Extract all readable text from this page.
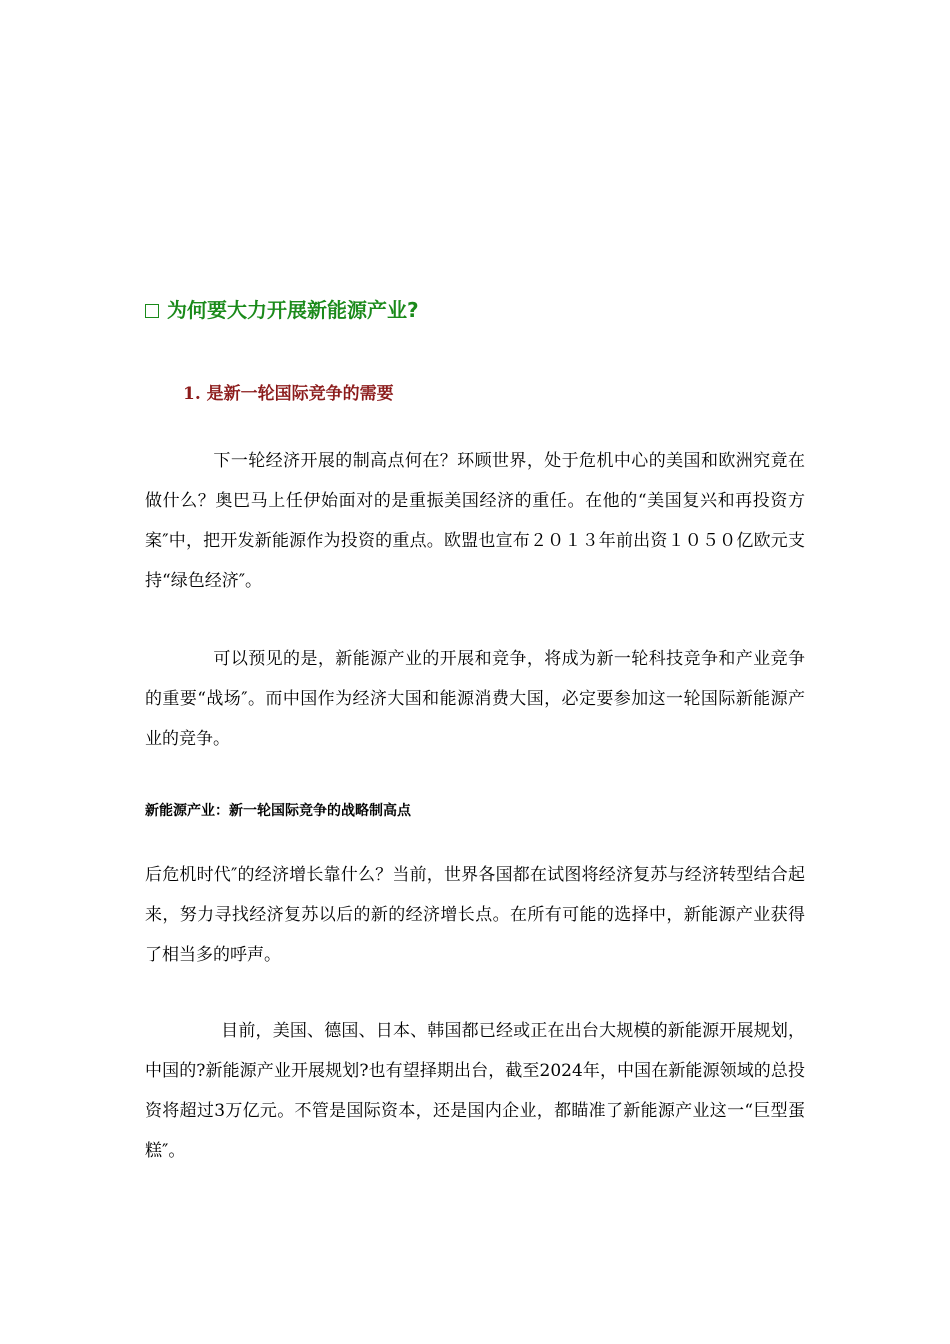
为何要大力开展新能源产业?
1. 是新一轮国际竞争的需要
下一轮经济开展的制高点何在？环顾世界，处于危机中心的美国和欧洲究竟在做什么？奥巴马上任伊始面对的是重振美国经济的重任。在他的“美国复兴和再投资方案″中，把开发新能源作为投资的重点。欧盟也宣布２０１３年前出资１０５０亿欧元支持“绿色经济″。
可以预见的是，新能源产业的开展和竞争，将成为新一轮科技竞争和产业竞争的重要“战场″。而中国作为经济大国和能源消费大国，必定要参加这一轮国际新能源产业的竞争。
新能源产业：新一轮国际竞争的战略制高点
后危机时代″的经济增长靠什么？当前，世界各国都在试图将经济复苏与经济转型结合起来，努力寻找经济复苏以后的新的经济增长点。在所有可能的选择中，新能源产业获得了相当多的呼声。
目前，美国、德国、日本、韩国都已经或正在出台大规模的新能源开展规划，中国的?新能源产业开展规划?也有望择期出台，截至2024年，中国在新能源领域的总投资将超过3万亿元。不管是国际资本，还是国内企业，都瞄准了新能源产业这一“巨型蛋糕″。
